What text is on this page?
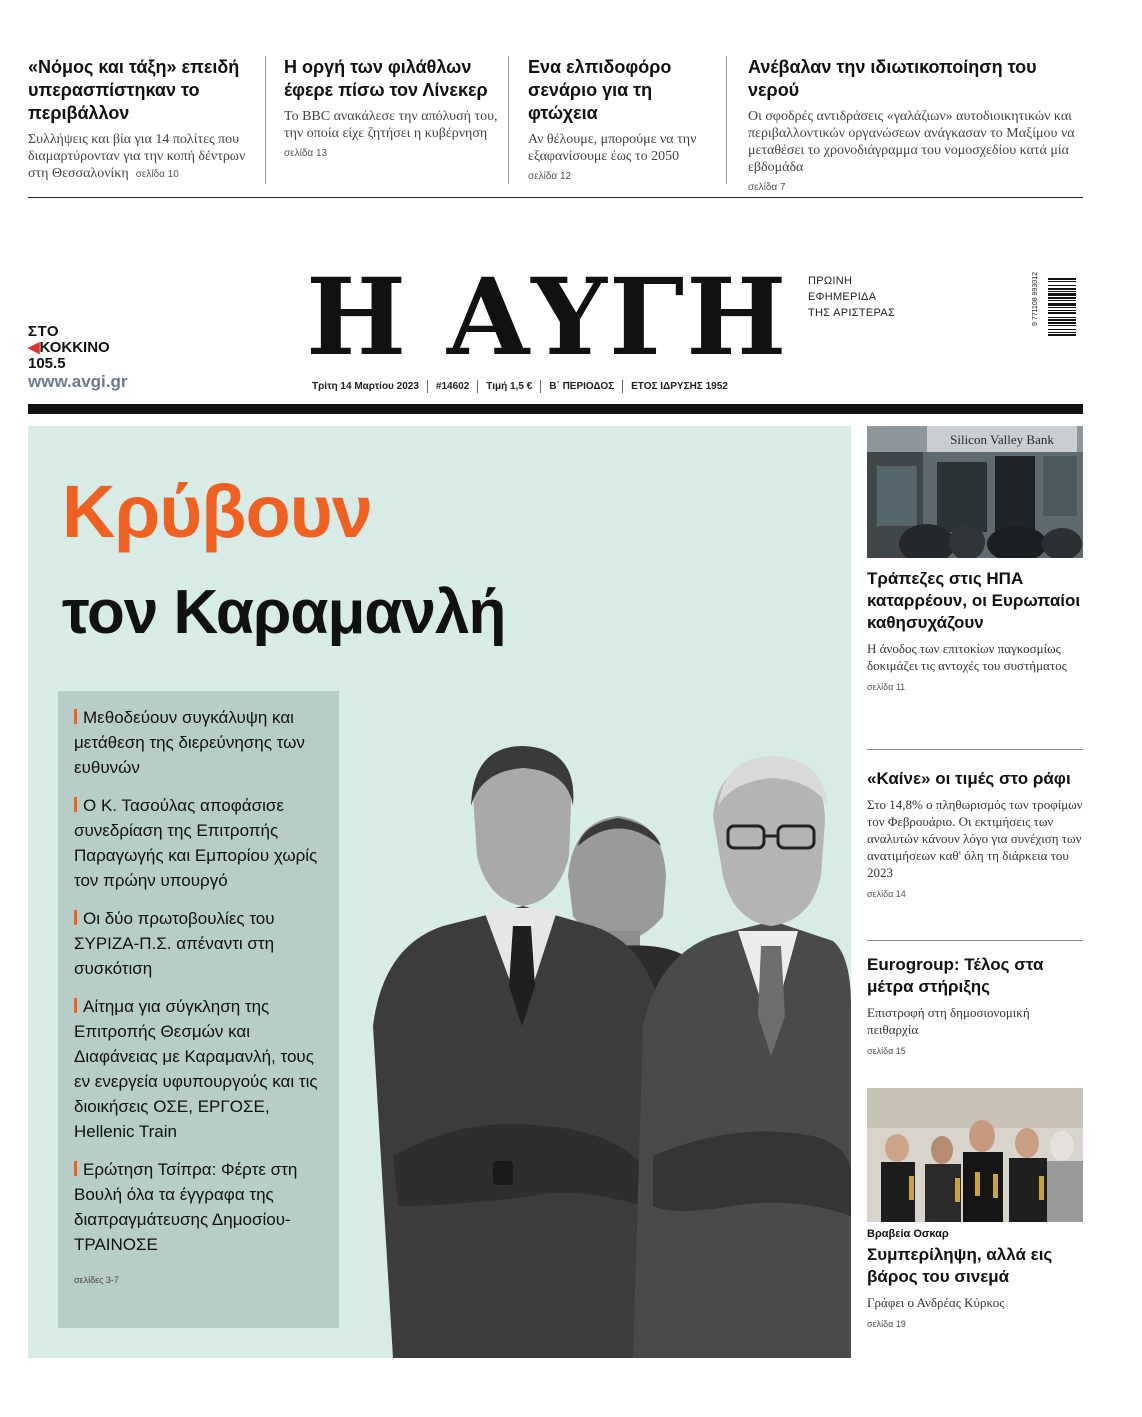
«Νόμος και τάξη» επειδή υπερασπίστηκαν το περιβάλλον

Συλλήψεις και βία για 14 πολίτες που διαμαρτύρονταν για την κοπή δέντρων στη Θεσσαλονίκη σελίδα 10

Η οργή των φιλάθλων έφερε πίσω τον Λίνεκερ

Το BBC ανακάλεσε την απόλυσή του, την οποία είχε ζητήσει η κυβέρνηση

σελίδα 13
Ενα ελπιδοφόρο σενάριο για τη φτώχεια

Αν θέλουμε, μπορούμε να την εξαφανίσουμε έως το 2050

σελίδα 12
Ανέβαλαν την ιδιωτικοποίηση του νερού

Οι σφοδρές αντιδράσεις «γαλάζιων» αυτοδιοικητικών και περιβαλλοντικών οργανώσεων ανάγκασαν το Μαξίμου να μεταθέσει το χρονοδιάγραμμα του νομοσχεδίου κατά μία εβδομάδα

σελίδα 7
ΣΤΟ
◀ΚΟΚΚΙΝΟ
105.5
www.avgi.gr
Η ΑΥΓΗ	ΠΡΩΙΝΗ
ΕΦΗΜΕΡΙΔΑ
ΤΗΣ ΑΡΙΣΤΕΡΑΣ	9 771108 993012
Τρίτη 14 Μαρτίου 2023 #14602 Τιμή 1,5 € Β΄ ΠΕΡΙΟΔΟΣ ΕΤΟΣ ΙΔΡΥΣΗΣ 1952
Κρύβουν
τον Καραμανλή
Μεθοδεύουν συγκάλυψη και μετάθεση της διερεύνησης των ευθυνών
Ο Κ. Τασούλας αποφάσισε συνεδρίαση της Επιτροπής Παραγωγής και Εμπορίου χωρίς τον πρώην υπουργό
Οι δύο πρωτοβουλίες του ΣΥΡΙΖΑ-Π.Σ. απέναντι στη συσκότιση
Αίτημα για σύγκληση της Επιτροπής Θεσμών και Διαφάνειας με Καραμανλή, τους εν ενεργεία υφυπουργούς και τις διοικήσεις ΟΣΕ, ΕΡΓΟΣΕ, Hellenic Train
Ερώτηση Τσίπρα: Φέρτε στη Βουλή όλα τα έγγραφα της διαπραγμάτευσης Δημοσίου-ΤΡΑΙΝΟΣΕ
σελίδες 3-7
Silicon Valley Bank
Τράπεζες στις ΗΠΑ καταρρέουν, οι Ευρωπαίοι καθησυχάζουν

Η άνοδος των επιτοκίων παγκοσμίως δοκιμάζει τις αντοχές του συστήματος

σελίδα 11
«Καίνε» οι τιμές στο ράφι

Στο 14,8% ο πληθωρισμός των τροφίμων τον Φεβρουάριο. Οι εκτιμήσεις των αναλυτών κάνουν λόγο για συνέχιση των ανατιμήσεων καθ' όλη τη διάρκεια του 2023

σελίδα 14
Eurogroup: Τέλος στα μέτρα στήριξης

Επιστροφή στη δημοσιονομική πειθαρχία

σελίδα 15
Βραβεία Οσκαρ
Συμπερίληψη, αλλά εις βάρος του σινεμά

Γράφει ο Ανδρέας Κύρκος

σελίδα 19
